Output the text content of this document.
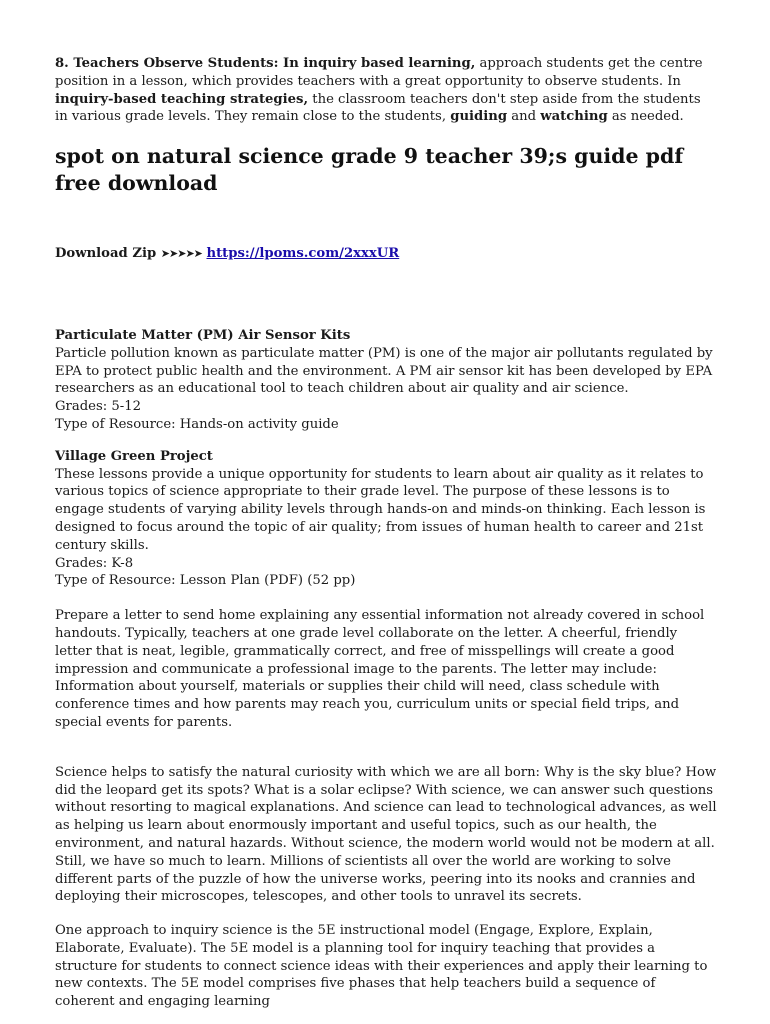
8. Teachers Observe Students: In inquiry based learning, approach students get the centre position in a lesson, which provides teachers with a great opportunity to observe students. In inquiry-based teaching strategies, the classroom teachers don't step aside from the students in various grade levels. They remain close to the students, guiding and watching as needed.

spot on natural science grade 9 teacher 39;s guide pdf free download

Download Zip ➤➤➤➤➤ https://lpoms.com/2xxxUR

Particulate Matter (PM) Air Sensor Kits

Particle pollution known as particulate matter (PM) is one of the major air pollutants regulated by EPA to protect public health and the environment. A PM air sensor kit has been developed by EPA researchers as an educational tool to teach children about air quality and air science.

Grades: 5-12

Type of Resource: Hands-on activity guide

Village Green Project

These lessons provide a unique opportunity for students to learn about air quality as it relates to various topics of science appropriate to their grade level. The purpose of these lessons is to engage students of varying ability levels through hands-on and minds-on thinking. Each lesson is designed to focus around the topic of air quality; from issues of human health to career and 21st century skills.

Grades: K-8

Type of Resource: Lesson Plan (PDF) (52 pp)

Prepare a letter to send home explaining any essential information not already covered in school handouts. Typically, teachers at one grade level collaborate on the letter. A cheerful, friendly letter that is neat, legible, grammatically correct, and free of misspellings will create a good impression and communicate a professional image to the parents. The letter may include: Information about yourself, materials or supplies their child will need, class schedule with conference times and how parents may reach you, curriculum units or special field trips, and special events for parents.

Science helps to satisfy the natural curiosity with which we are all born: Why is the sky blue? How did the leopard get its spots? What is a solar eclipse? With science, we can answer such questions without resorting to magical explanations. And science can lead to technological advances, as well as helping us learn about enormously important and useful topics, such as our health, the environment, and natural hazards. Without science, the modern world would not be modern at all. Still, we have so much to learn. Millions of scientists all over the world are working to solve different parts of the puzzle of how the universe works, peering into its nooks and crannies and deploying their microscopes, telescopes, and other tools to unravel its secrets.

One approach to inquiry science is the 5E instructional model (Engage, Explore, Explain, Elaborate, Evaluate). The 5E model is a planning tool for inquiry teaching that provides a structure for students to connect science ideas with their experiences and apply their learning to new contexts. The 5E model comprises five phases that help teachers build a sequence of coherent and engaging learning
